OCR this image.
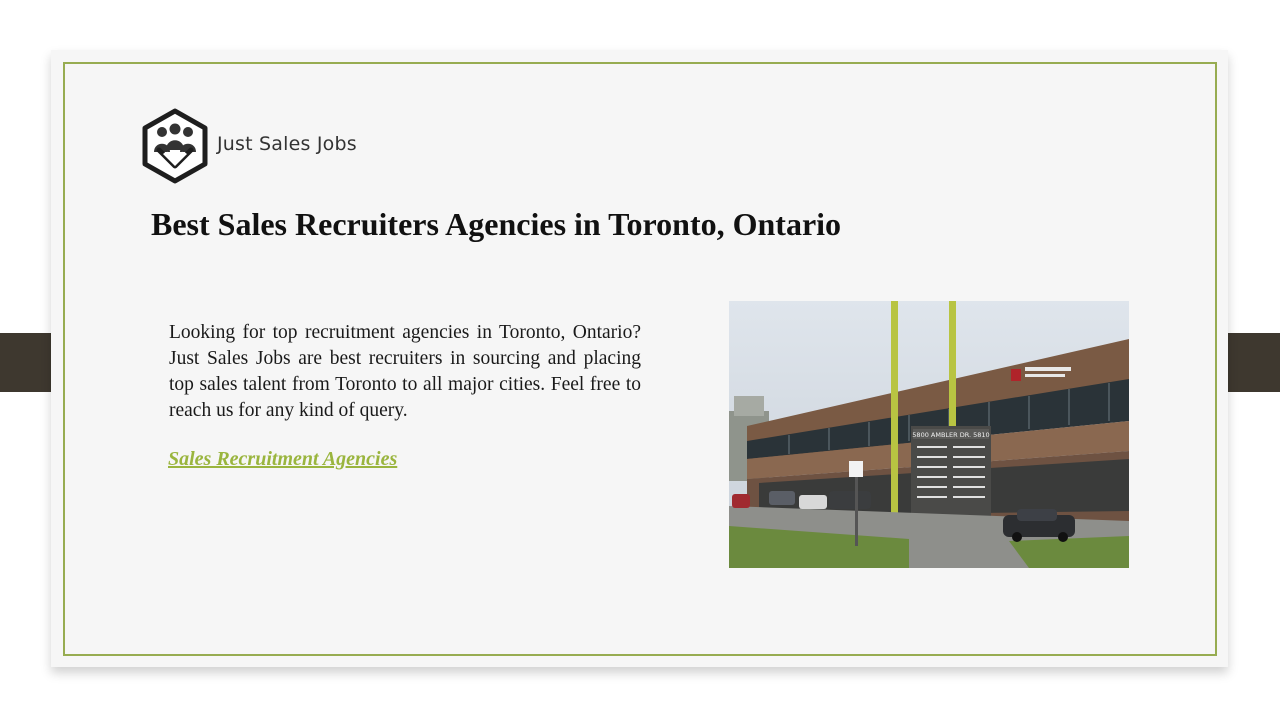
Just Sales Jobs
Best Sales Recruiters Agencies in Toronto, Ontario

Looking for top recruitment agencies in Toronto, Ontario? Just Sales Jobs are best recruiters in sourcing and placing top sales talent from Toronto to all major cities. Feel free to reach us for any kind of query.

Sales Recruitment Agencies
5800 AMBLER DR. 5810
